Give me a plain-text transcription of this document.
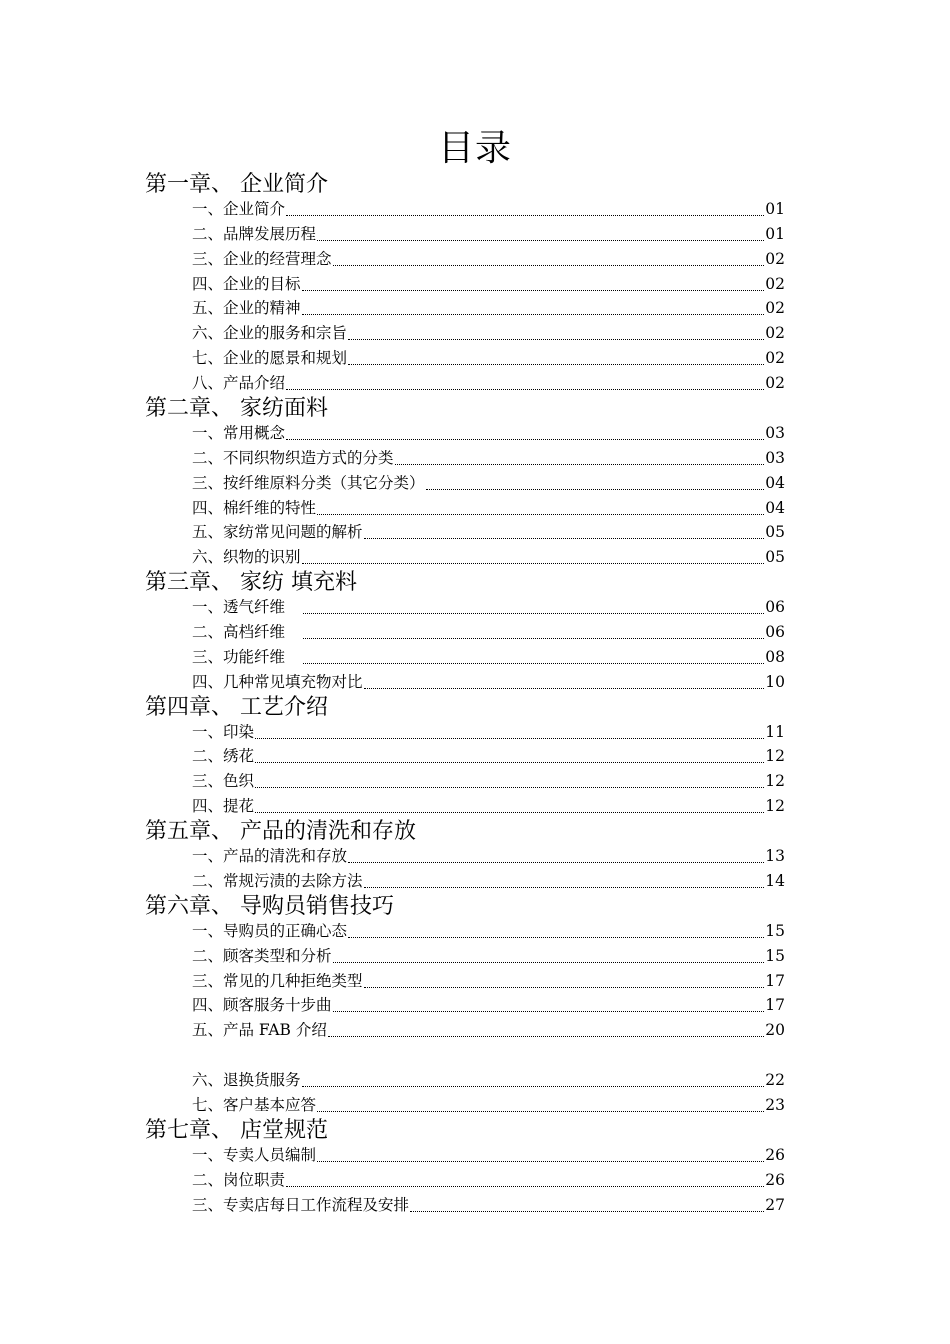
目录
第一章、 企业简介
一、企业简介	01
二、品牌发展历程	01
三、企业的经营理念	02
四、企业的目标	02
五、企业的精神	02
六、企业的服务和宗旨	02
七、企业的愿景和规划	02
八、产品介绍	02
第二章、 家纺面料
一、常用概念	03
二、不同织物织造方式的分类	03
三、按纤维原料分类（其它分类）	04
四、棉纤维的特性	04
五、家纺常见问题的解析	05
六、织物的识别	05
第三章、 家纺 填充料
一、透气纤维	06
二、高档纤维	06
三、功能纤维	08
四、几种常见填充物对比	10
第四章、 工艺介绍
一、印染	11
二、绣花	12
三、色织	12
四、提花	12
第五章、 产品的清洗和存放
一、产品的清洗和存放	13
二、常规污渍的去除方法	14
第六章、 导购员销售技巧
一、导购员的正确心态	15
二、顾客类型和分析	15
三、常见的几种拒绝类型	17
四、顾客服务十步曲	17
五、产品 FAB 介绍	20
六、退换货服务	22
七、客户基本应答	23
第七章、 店堂规范
一、专卖人员编制	26
二、岗位职责	26
三、专卖店每日工作流程及安排	27
